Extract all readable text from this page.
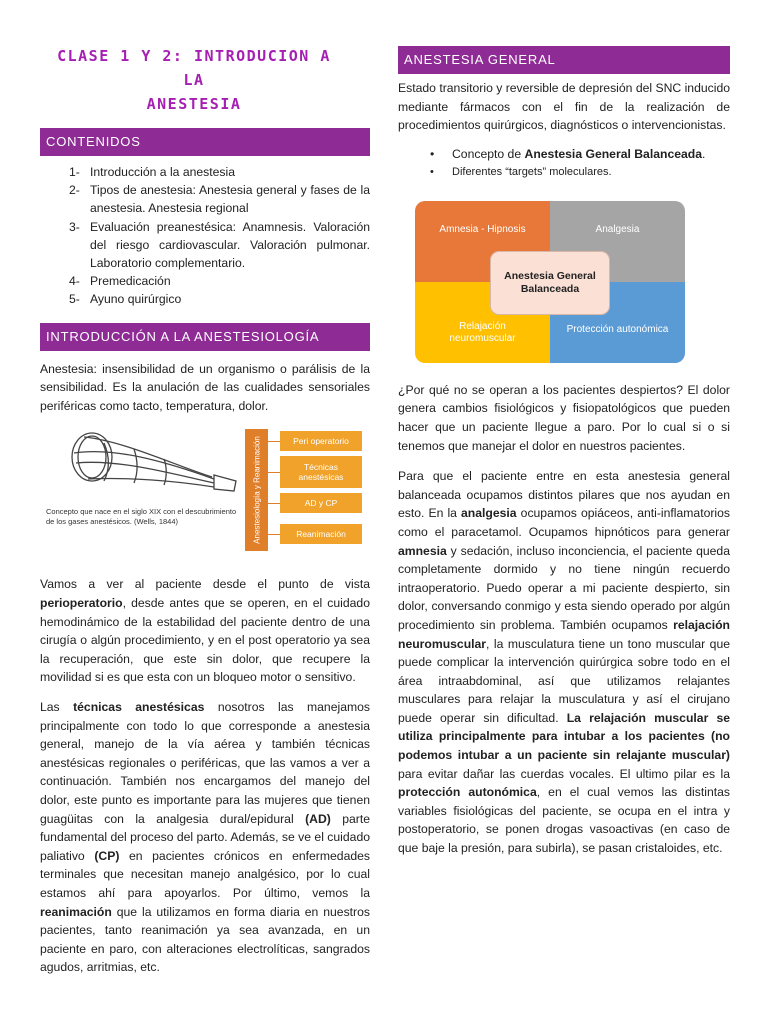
CLASE 1 Y 2: INTRODUCION A LA
ANESTESIA
CONTENIDOS
1- Introducción a la anestesia
2- Tipos de anestesia: Anestesia general y fases de la anestesia. Anestesia regional
3- Evaluación preanestésica: Anamnesis. Valoración del riesgo cardiovascular. Valoración pulmonar. Laboratorio complementario.
4- Premedicación
5- Ayuno quirúrgico
INTRODUCCIÓN A LA ANESTESIOLOGÍA

Anestesia: insensibilidad de un organismo o parálisis de la sensibilidad. Es la anulación de las cualidades sensoriales periféricas como tacto, temperatura, dolor.

Concepto que nace en el siglo XIX con el descubrimiento de los gases anestésicos. (Wells, 1844)	Anestesiología y Reanimación	Peri operatorio
Técnicas anestésicas
AD y CP
Reanimación

Vamos a ver al paciente desde el punto de vista perioperatorio, desde antes que se operen, en el cuidado hemodinámico de la estabilidad del paciente dentro de una cirugía o algún procedimiento, y en el post operatorio ya sea la recuperación, que este sin dolor, que recupere la movilidad si es que esta con un bloqueo motor o sensitivo.

Las técnicas anestésicas nosotros las manejamos principalmente con todo lo que corresponde a anestesia general, manejo de la vía aérea y también técnicas anestésicas regionales o periféricas, que las vamos a ver a continuación. También nos encargamos del manejo del dolor, este punto es importante para las mujeres que tienen guagüitas con la analgesia dural/epidural (AD) parte fundamental del proceso del parto. Además, se ve el cuidado paliativo (CP) en pacientes crónicos en enfermedades terminales que necesitan manejo analgésico, por lo cual estamos ahí para apoyarlos. Por último, vemos la reanimación que la utilizamos en forma diaria en nuestros pacientes, tanto reanimación ya sea avanzada, en un paciente en paro, con alteraciones electrolíticas, sangrados agudos, arritmias, etc.

ANESTESIA GENERAL

Estado transitorio y reversible de depresión del SNC inducido mediante fármacos con el fin de la realización de procedimientos quirúrgicos, diagnósticos o intervencionistas.

• Concepto de Anestesia General Balanceada.
• Diferentes “targets” moleculares.
Amnesia - Hipnosis	Analgesia
Relajación neuromuscular
Protección autonómica
Anestesia General Balanceada

¿Por qué no se operan a los pacientes despiertos? El dolor genera cambios fisiológicos y fisiopatológicos que pueden hacer que un paciente llegue a paro. Por lo cual si o si tenemos que manejar el dolor en nuestros pacientes.

Para que el paciente entre en esta anestesia general balanceada ocupamos distintos pilares que nos ayudan en esto. En la analgesia ocupamos opiáceos, anti-inflamatorios como el paracetamol. Ocupamos hipnóticos para generar amnesia y sedación, incluso inconciencia, el paciente queda completamente dormido y no tiene ningún recuerdo intraoperatorio. Puedo operar a mi paciente despierto, sin dolor, conversando conmigo y esta siendo operado por algún procedimiento sin problema. También ocupamos relajación neuromuscular, la musculatura tiene un tono muscular que puede complicar la intervención quirúrgica sobre todo en el área intraabdominal, así que utilizamos relajantes musculares para relajar la musculatura y así el cirujano puede operar sin dificultad. La relajación muscular se utiliza principalmente para intubar a los pacientes (no podemos intubar a un paciente sin relajante muscular) para evitar dañar las cuerdas vocales. El ultimo pilar es la protección autonómica, en el cual vemos las distintas variables fisiológicas del paciente, se ocupa en el intra y postoperatorio, se ponen drogas vasoactivas (en caso de que baje la presión, para subirla), se pasan cristaloides, etc.
